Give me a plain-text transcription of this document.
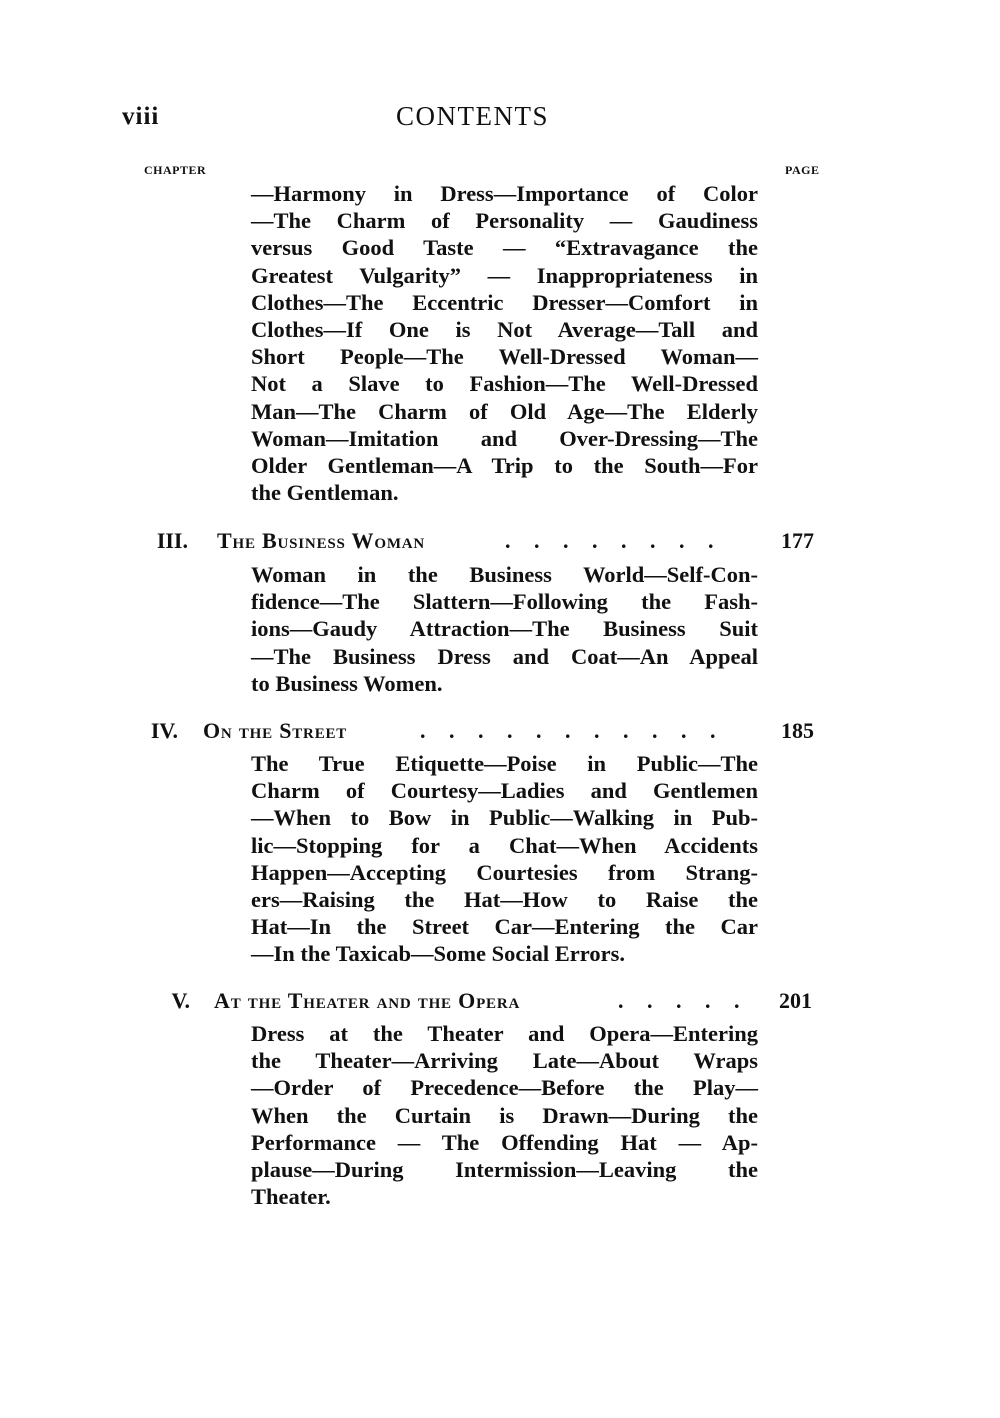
viii	CONTENTS
CHAPTER	PAGE
—Harmony in Dress—Importance of Color
—The Charm of Personality — Gaudiness
versus Good Taste — “Extravagance the
Greatest Vulgarity” — Inappropriateness in
Clothes—The Eccentric Dresser—Comfort in
Clothes—If One is Not Average—Tall and
Short People—The Well-Dressed Woman—
Not a Slave to Fashion—The Well-Dressed
Man—The Charm of Old Age—The Elderly
Woman—Imitation and Over-Dressing—The
Older Gentleman—A Trip to the South—For
the Gentleman.
III. The Business Woman	. . . . . . . .	177
Woman in the Business World—Self-Con-
fidence—The Slattern—Following the Fash-
ions—Gaudy Attraction—The Business Suit
—The Business Dress and Coat—An Appeal
to Business Women.
IV. On the Street	. . . . . . . . . . .	185
The True Etiquette—Poise in Public—The
Charm of Courtesy—Ladies and Gentlemen
—When to Bow in Public—Walking in Pub-
lic—Stopping for a Chat—When Accidents
Happen—Accepting Courtesies from Strang-
ers—Raising the Hat—How to Raise the
Hat—In the Street Car—Entering the Car
—In the Taxicab—Some Social Errors.
V. At the Theater and the Opera	. . . . .	201
Dress at the Theater and Opera—Entering
the Theater—Arriving Late—About Wraps
—Order of Precedence—Before the Play—
When the Curtain is Drawn—During the
Performance — The Offending Hat — Ap-
plause—During Intermission—Leaving the
Theater.
